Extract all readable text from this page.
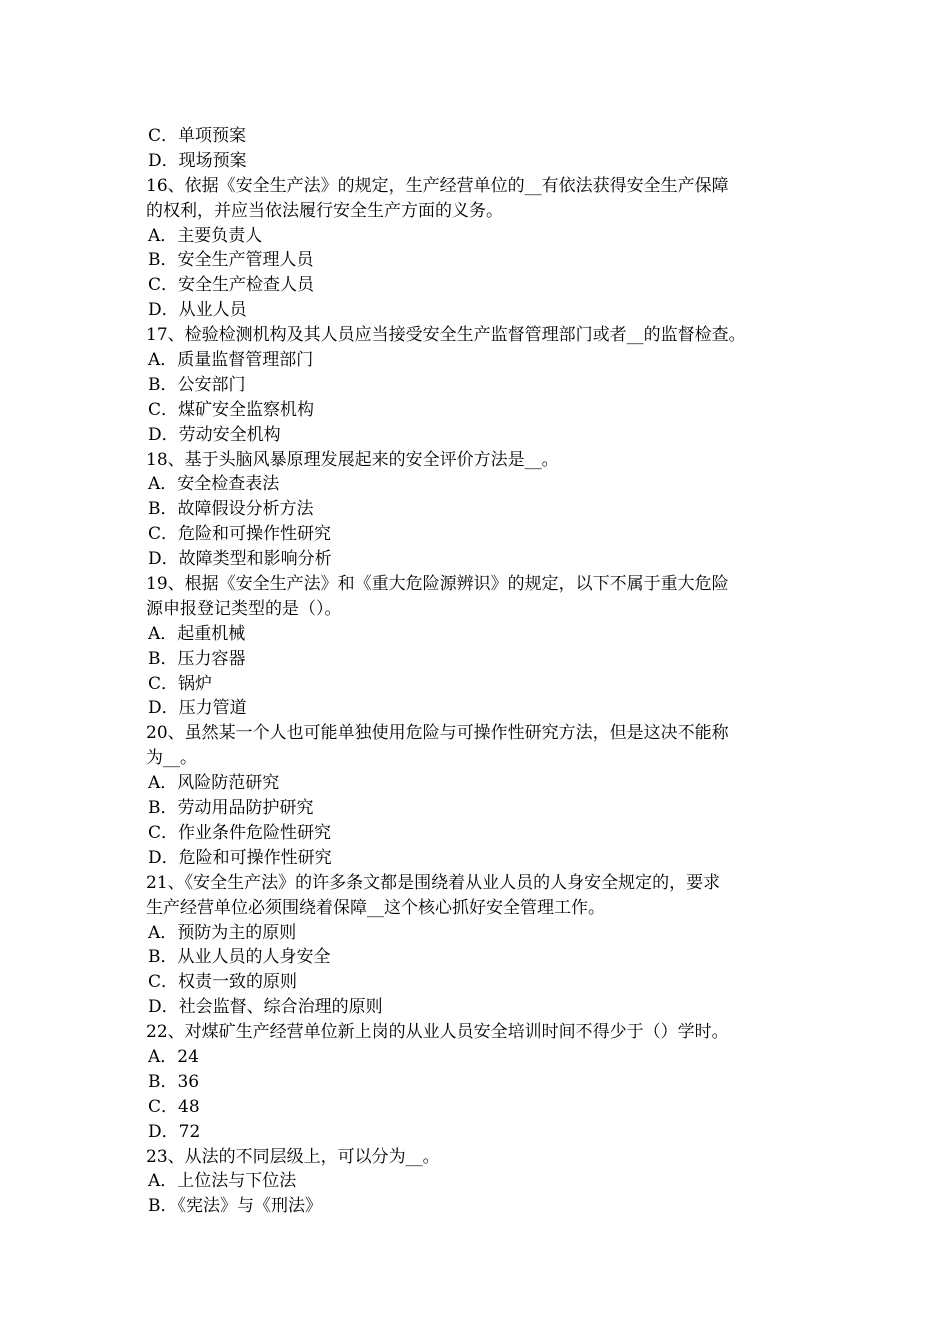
C．单项预案
D．现场预案
16、依据《安全生产法》的规定，生产经营单位的__有依法获得安全生产保障
的权利，并应当依法履行安全生产方面的义务。
A．主要负责人
B．安全生产管理人员
C．安全生产检查人员
D．从业人员
17、检验检测机构及其人员应当接受安全生产监督管理部门或者__的监督检查。
A．质量监督管理部门
B．公安部门
C．煤矿安全监察机构
D．劳动安全机构
18、基于头脑风暴原理发展起来的安全评价方法是__。
A．安全检查表法
B．故障假设分析方法
C．危险和可操作性研究
D．故障类型和影响分析
19、根据《安全生产法》和《重大危险源辨识》的规定，以下不属于重大危险
源申报登记类型的是（）。
A．起重机械
B．压力容器
C．锅炉
D．压力管道
20、虽然某一个人也可能单独使用危险与可操作性研究方法，但是这决不能称
为__。
A．风险防范研究
B．劳动用品防护研究
C．作业条件危险性研究
D．危险和可操作性研究
21、《安全生产法》的许多条文都是围绕着从业人员的人身安全规定的，要求
生产经营单位必须围绕着保障__这个核心抓好安全管理工作。
A．预防为主的原则
B．从业人员的人身安全
C．权责一致的原则
D．社会监督、综合治理的原则
22、对煤矿生产经营单位新上岗的从业人员安全培训时间不得少于（）学时。
A．24
B．36
C．48
D．72
23、从法的不同层级上，可以分为__。
A．上位法与下位法
B．《宪法》与《刑法》
